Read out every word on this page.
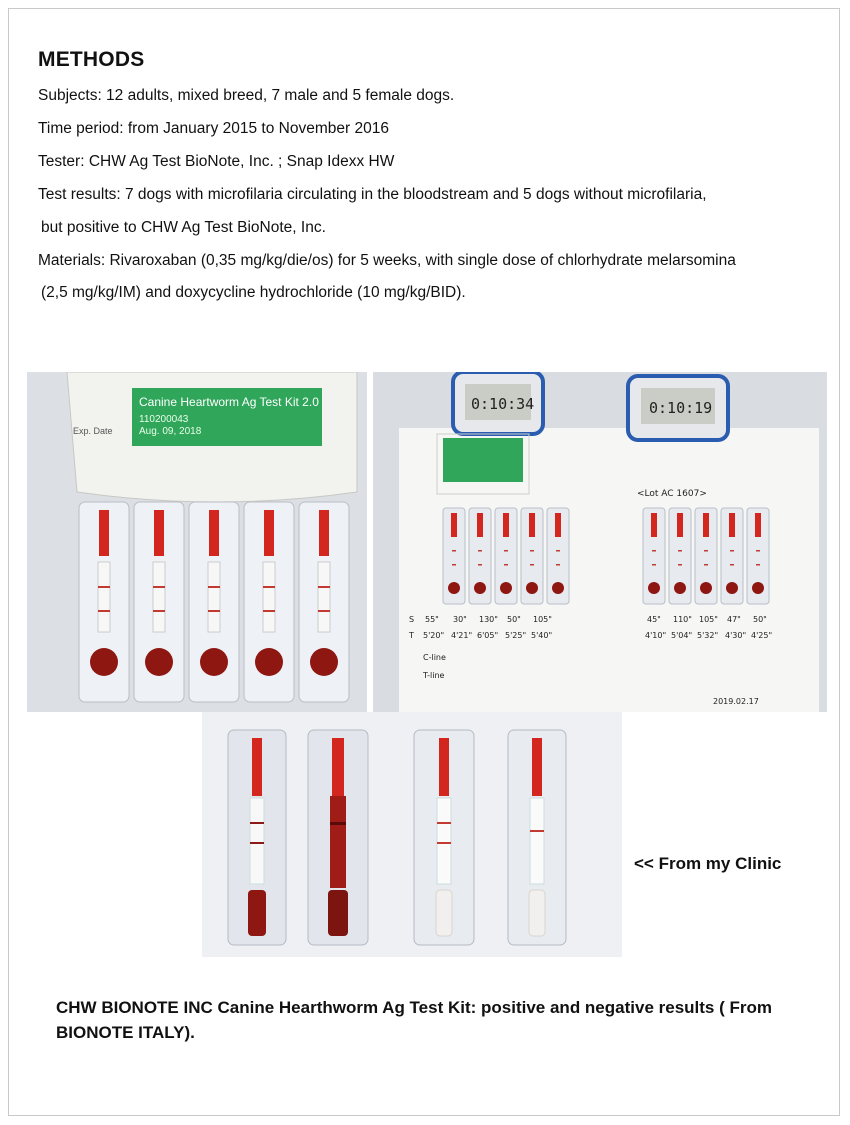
METHODS
Subjects: 12 adults, mixed breed, 7 male and 5 female dogs.
Time period: from January 2015 to November 2016
Tester: CHW Ag Test BioNote, Inc. ; Snap Idexx HW
Test results: 7 dogs with microfilaria circulating in the bloodstream and 5 dogs without microfilaria,
but positive to CHW Ag Test BioNote, Inc.
Materials: Rivaroxaban (0,35 mg/kg/die/os) for 5 weeks, with single dose of chlorhydrate melarsomina
(2,5 mg/kg/IM) and doxycycline hydrochloride (10 mg/kg/BID).
Canine Heartworm Ag Test Kit 2.0
110200043
Aug. 09, 2018
Exp. Date
0:10:34	0:10:19
<Lot AC 1607>
S 55" 30" 130" 50" 105"
T 5'20" 4'21" 6'05" 5'25" 5'40"
45" 110" 105" 47" 50"
4'10" 5'04" 5'32" 4'30" 4'25"
C-line
T-line
2019.02.17
<< From my Clinic
CHW BIONOTE INC Canine Hearthworm Ag Test Kit: positive and negative results ( From BIONOTE ITALY).
